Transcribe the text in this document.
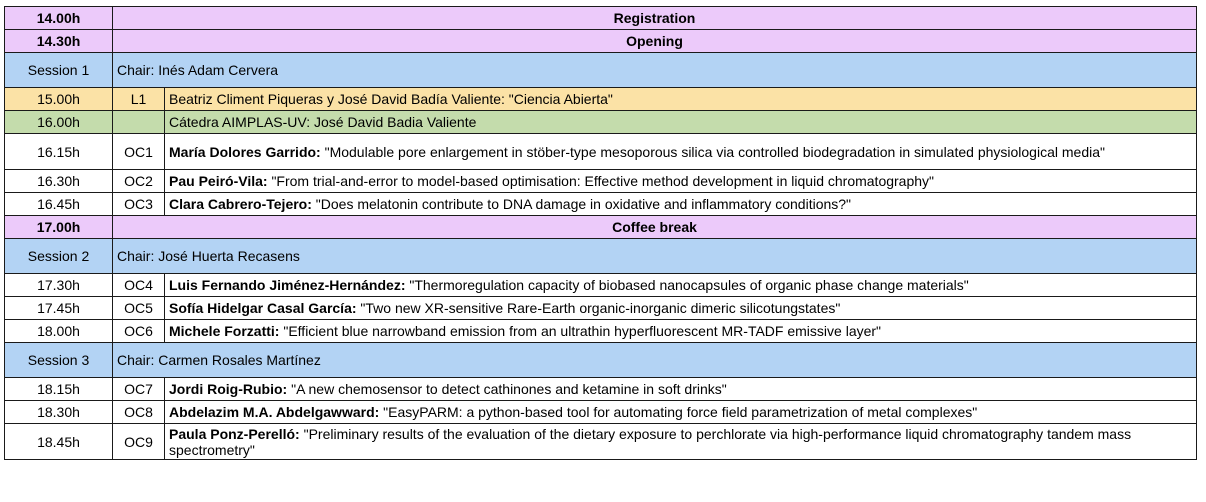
14.00h	Registration	
14.30h	Opening	
Session 1	Chair: Inés Adam Cervera	
15.00h	L1	Beatriz Climent Piqueras y José David Badía Valiente: "Ciencia Abierta"
16.00h		Cátedra AIMPLAS-UV: José David Badia Valiente
16.15h	OC1	María Dolores Garrido: "Modulable pore enlargement in stöber-type mesoporous silica via controlled biodegradation in simulated physiological media"
16.30h	OC2	Pau Peiró-Vila: "From trial-and-error to model-based optimisation: Effective method development in liquid chromatography"
16.45h	OC3	Clara Cabrero-Tejero: "Does melatonin contribute to DNA damage in oxidative and inflammatory conditions?"
17.00h	Coffee break	
Session 2	Chair: José Huerta Recasens	
17.30h	OC4	Luis Fernando Jiménez-Hernández: "Thermoregulation capacity of biobased nanocapsules of organic phase change materials"
17.45h	OC5	Sofía Hidelgar Casal García: "Two new XR-sensitive Rare-Earth organic-inorganic dimeric silicotungstates"
18.00h	OC6	Michele Forzatti: "Efficient blue narrowband emission from an ultrathin hyperfluorescent MR-TADF emissive layer"
Session 3	Chair: Carmen Rosales Martínez	
18.15h	OC7	Jordi Roig-Rubio: "A new chemosensor to detect cathinones and ketamine in soft drinks"
18.30h	OC8	Abdelazim M.A. Abdelgawward: "EasyPARM: a python-based tool for automating force field parametrization of metal complexes"
18.45h	OC9	Paula Ponz-Perelló: "Preliminary results of the evaluation of the dietary exposure to perchlorate via high-performance liquid chromatography tandem mass spectrometry"
